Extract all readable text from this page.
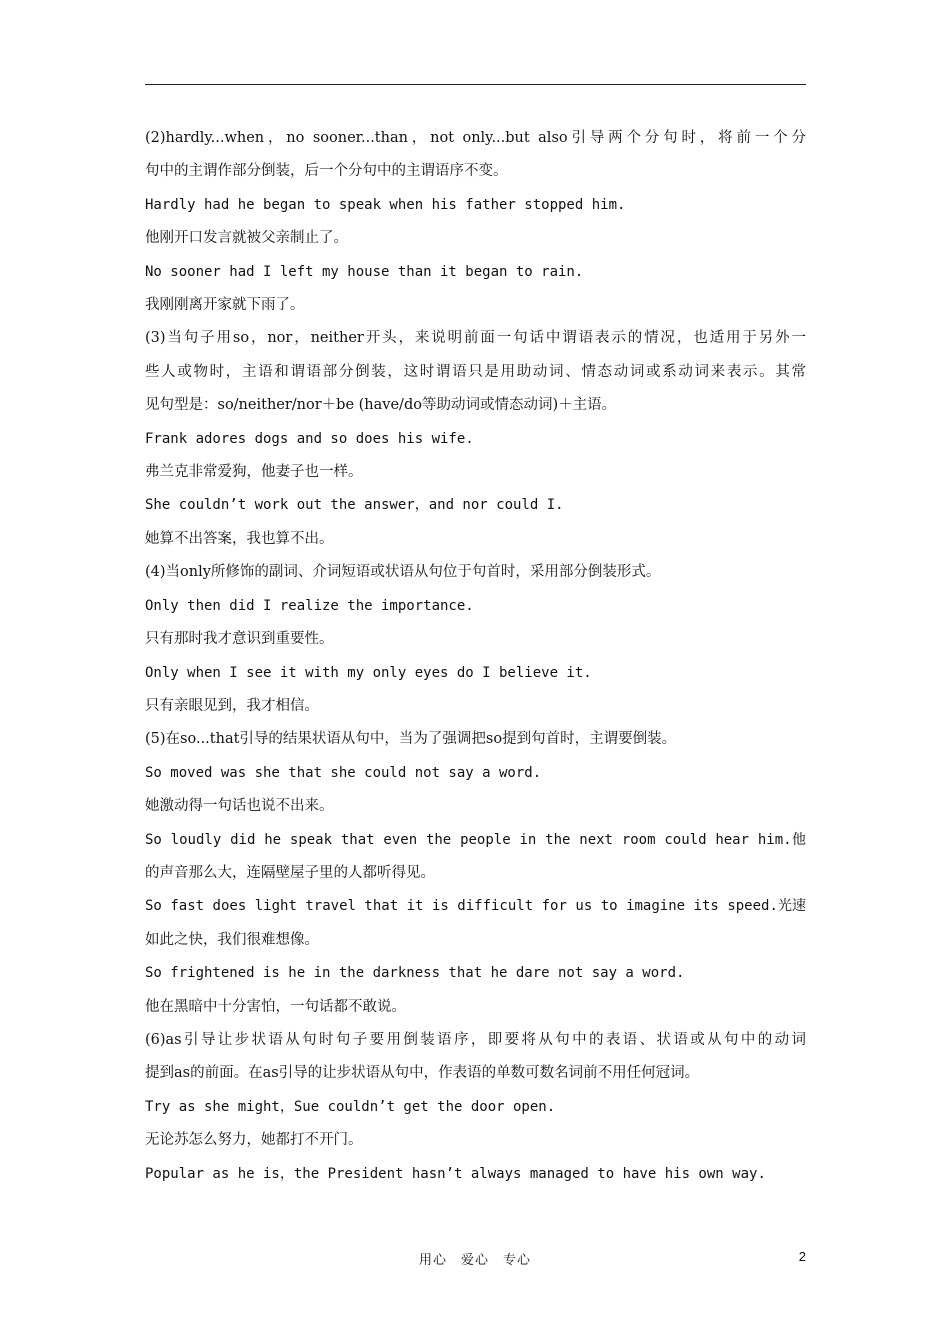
(2)hardly...when，no sooner...than，not only...but also引导两个分句时，将前一个分
句中的主谓作部分倒装，后一个分句中的主谓语序不变。
Hardly had he began to speak when his father stopped him.
他刚开口发言就被父亲制止了。
No sooner had I left my house than it began to rain.
我刚刚离开家就下雨了。
(3)当句子用so，nor，neither开头，来说明前面一句话中谓语表示的情况，也适用于另外一
些人或物时，主语和谓语部分倒装，这时谓语只是用助动词、情态动词或系动词来表示。其常
见句型是：so/neither/nor＋be (have/do等助动词或情态动词)＋主语。
Frank adores dogs and so does his wife.
弗兰克非常爱狗，他妻子也一样。
She couldn’t work out the answer，and nor could I.
她算不出答案，我也算不出。
(4)当only所修饰的副词、介词短语或状语从句位于句首时，采用部分倒装形式。
Only then did I realize the importance.
只有那时我才意识到重要性。
Only when I see it with my only eyes do I believe it.
只有亲眼见到，我才相信。
(5)在so...that引导的结果状语从句中，当为了强调把so提到句首时，主谓要倒装。
So moved was she that she could not say a word.
她激动得一句话也说不出来。
So loudly did he speak that even the people in the next room could hear him.他
的声音那么大，连隔壁屋子里的人都听得见。
So fast does light travel that it is difficult for us to imagine its speed.光速
如此之快，我们很难想像。
So frightened is he in the darkness that he dare not say a word.
他在黑暗中十分害怕，一句话都不敢说。
(6)as引导让步状语从句时句子要用倒装语序，即要将从句中的表语、状语或从句中的动词
提到as的前面。在as引导的让步状语从句中，作表语的单数可数名词前不用任何冠词。
Try as she might，Sue couldn’t get the door open.
无论苏怎么努力，她都打不开门。
Popular as he is，the President hasn’t always managed to have his own way.
用心　爱心　专心	2
